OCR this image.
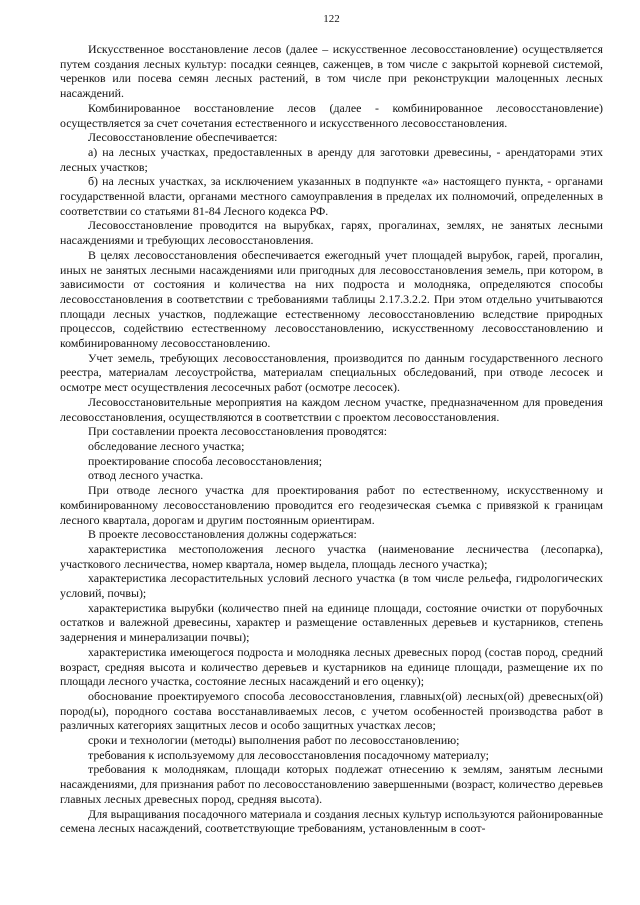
122

Искусственное восстановление лесов (далее – искусственное лесовосстановление) осуществляется путем создания лесных культур: посадки сеянцев, саженцев, в том числе с закрытой корневой системой, черенков или посева семян лесных растений, в том числе при реконструкции малоценных лесных насаждений.

Комбинированное восстановление лесов (далее - комбинированное лесовосстановление) осуществляется за счет сочетания естественного и искусственного лесовосстановления.

Лесовосстановление обеспечивается:

а) на лесных участках, предоставленных в аренду для заготовки древесины, - арендаторами этих лесных участков;

б) на лесных участках, за исключением указанных в подпункте «а» настоящего пункта, - органами государственной власти, органами местного самоуправления в пределах их полномочий, определенных в соответствии со статьями 81-84 Лесного кодекса РФ.

Лесовосстановление проводится на вырубках, гарях, прогалинах, землях, не занятых лесными насаждениями и требующих лесовосстановления.

В целях лесовосстановления обеспечивается ежегодный учет площадей вырубок, гарей, прогалин, иных не занятых лесными насаждениями или пригодных для лесовосстановления земель, при котором, в зависимости от состояния и количества на них подроста и молодняка, определяются способы лесовосстановления в соответствии с требованиями таблицы 2.17.3.2.2. При этом отдельно учитываются площади лесных участков, подлежащие естественному лесовосстановлению вследствие природных процессов, содействию естественному лесовосстановлению, искусственному лесовосстановлению и комбинированному лесовосстановлению.

Учет земель, требующих лесовосстановления, производится по данным государственного лесного реестра, материалам лесоустройства, материалам специальных обследований, при отводе лесосек и осмотре мест осуществления лесосечных работ (осмотре лесосек).

Лесовосстановительные мероприятия на каждом лесном участке, предназначенном для проведения лесовосстановления, осуществляются в соответствии с проектом лесовосстановления.

При составлении проекта лесовосстановления проводятся:

обследование лесного участка;

проектирование способа лесовосстановления;

отвод лесного участка.

При отводе лесного участка для проектирования работ по естественному, искусственному и комбинированному лесовосстановлению проводится его геодезическая съемка с привязкой к границам лесного квартала, дорогам и другим постоянным ориентирам.

В проекте лесовосстановления должны содержаться:

характеристика местоположения лесного участка (наименование лесничества (лесопарка), участкового лесничества, номер квартала, номер выдела, площадь лесного участка);

характеристика лесорастительных условий лесного участка (в том числе рельефа, гидрологических условий, почвы);

характеристика вырубки (количество пней на единице площади, состояние очистки от порубочных остатков и валежной древесины, характер и размещение оставленных деревьев и кустарников, степень задернения и минерализации почвы);

характеристика имеющегося подроста и молодняка лесных древесных пород (состав пород, средний возраст, средняя высота и количество деревьев и кустарников на единице площади, размещение их по площади лесного участка, состояние лесных насаждений и его оценку);

обоснование проектируемого способа лесовосстановления, главных(ой) лесных(ой) древесных(ой) пород(ы), породного состава восстанавливаемых лесов, с учетом особенностей производства работ в различных категориях защитных лесов и особо защитных участках лесов;

сроки и технологии (методы) выполнения работ по лесовосстановлению;

требования к используемому для лесовосстановления посадочному материалу;

требования к молоднякам, площади которых подлежат отнесению к землям, занятым лесными насаждениями, для признания работ по лесовосстановлению завершенными (возраст, количество деревьев главных лесных древесных пород, средняя высота).

Для выращивания посадочного материала и создания лесных культур используются районированные семена лесных насаждений, соответствующие требованиям, установленным в соот-
